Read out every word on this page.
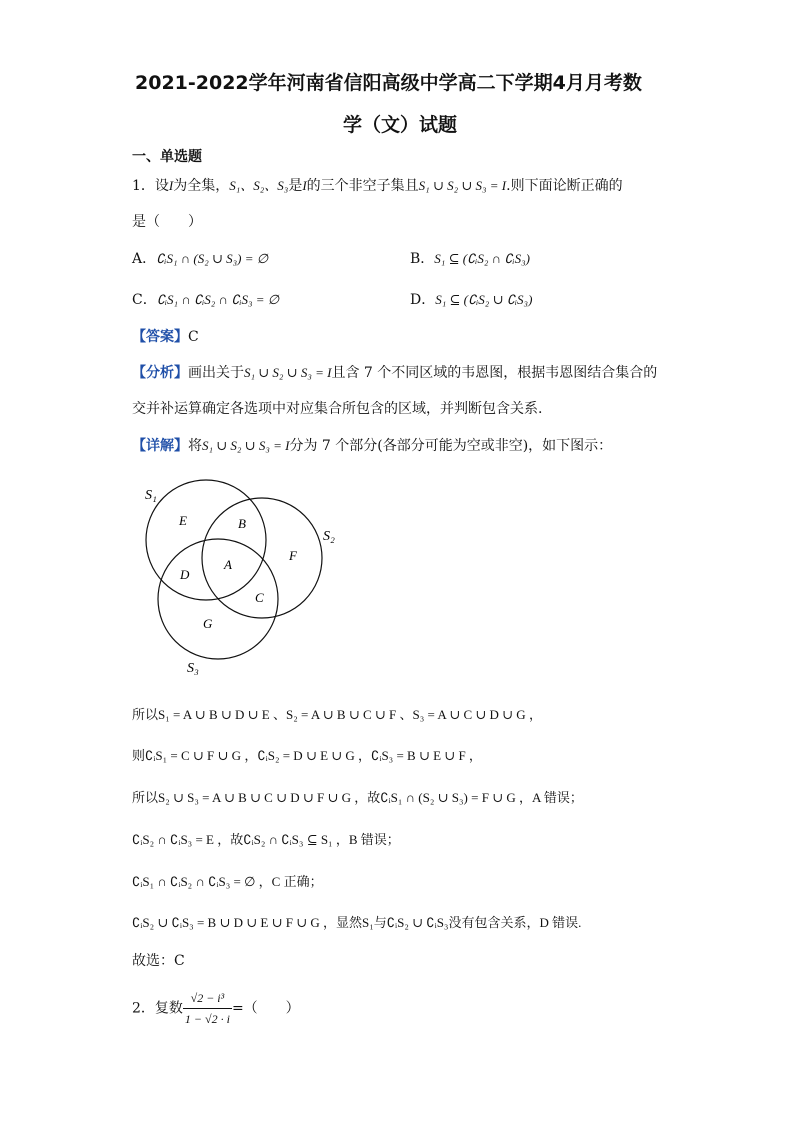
2021-2022学年河南省信阳高级中学高二下学期4月月考数
学（文）试题
一、单选题
1．设I为全集，S₁、S₂、S₃是I的三个非空子集且S₁ ∪ S₂ ∪ S₃ = I.则下面论断正确的
是（　　）
A．∁ᵢS₁ ∩ (S₂ ∪ S₃) = ∅	B．S₁ ⊆ (∁ᵢS₂ ∩ ∁ᵢS₃)
C．∁ᵢS₁ ∩ ∁ᵢS₂ ∩ ∁ᵢS₃ = ∅	D．S₁ ⊆ (∁ᵢS₂ ∪ ∁ᵢS₃)
【答案】C
【分析】画出关于S₁ ∪ S₂ ∪ S₃ = I且含 7 个不同区域的韦恩图，根据韦恩图结合集合的
交并补运算确定各选项中对应集合所包含的区域，并判断包含关系.
【详解】将S₁ ∪ S₂ ∪ S₃ = I分为 7 个部分(各部分可能为空或非空)，如下图示：
S₁
S₂
S₃
E	B
F
A
D
C
G
所以S₁ = A ∪ B ∪ D ∪ E 、S₂ = A ∪ B ∪ C ∪ F 、S₃ = A ∪ C ∪ D ∪ G ，
则∁ᵢS₁ = C ∪ F ∪ G ，∁ᵢS₂ = D ∪ E ∪ G ，∁ᵢS₃ = B ∪ E ∪ F ，
所以S₂ ∪ S₃ = A ∪ B ∪ C ∪ D ∪ F ∪ G ，故∁ᵢS₁ ∩ (S₂ ∪ S₃) = F ∪ G ，A 错误；
∁ᵢS₂ ∩ ∁ᵢS₃ = E ，故∁ᵢS₂ ∩ ∁ᵢS₃ ⊆ S₁ ，B 错误；
∁ᵢS₁ ∩ ∁ᵢS₂ ∩ ∁ᵢS₃ = ∅ ，C 正确；
∁ᵢS₂ ∪ ∁ᵢS₃ = B ∪ D ∪ E ∪ F ∪ G ，显然S₁与∁ᵢS₂ ∪ ∁ᵢS₃没有包含关系，D 错误.
故选：C
2．复数 $\frac{\text{√2 − i³}}{1 - √2 \cdot i}$ =（　　）
